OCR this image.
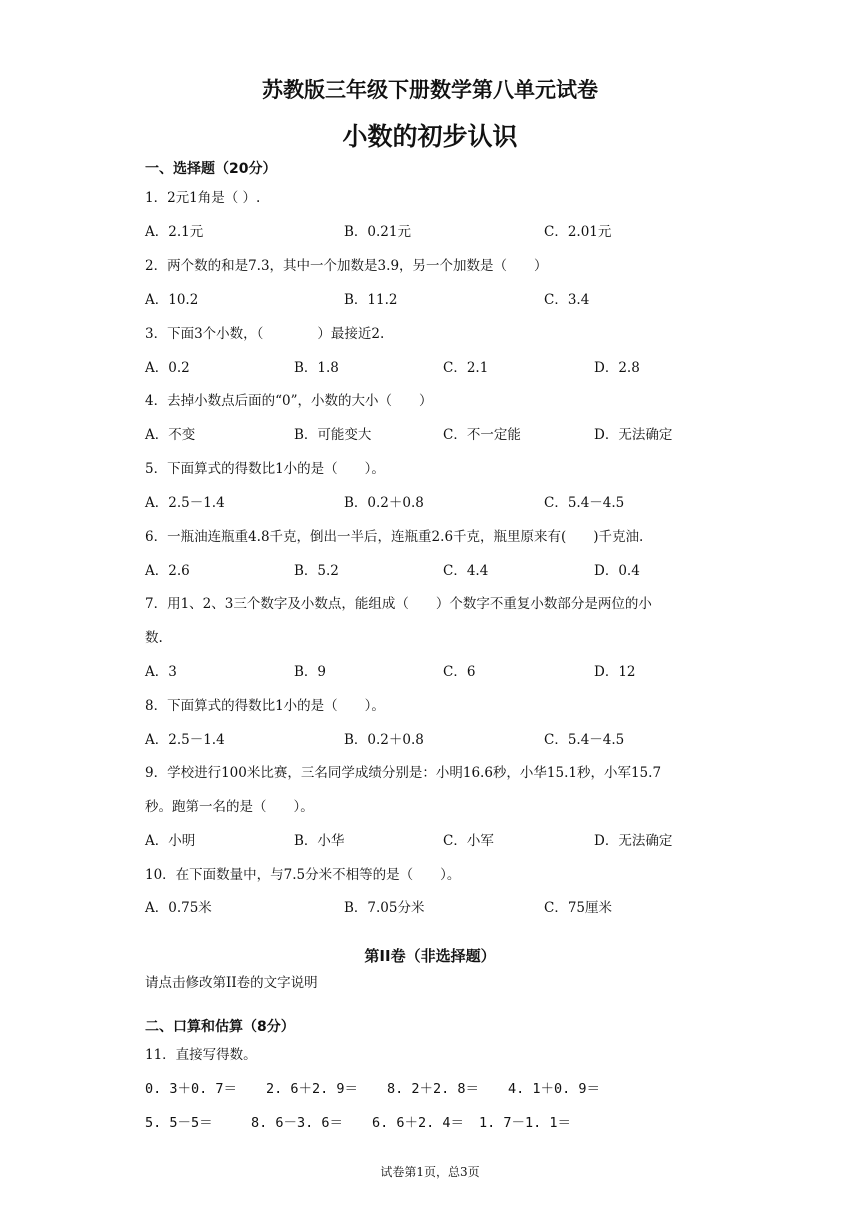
苏教版三年级下册数学第八单元试卷
小数的初步认识
一、选择题（20分）
1．2元1角是（ ）.
A．2.1元	B．0.21元	C．2.01元
2．两个数的和是7.3，其中一个加数是3.9，另一个加数是（　　）
A．10.2	B．11.2	C．3.4
3．下面3个小数，（　　　　）最接近2.
A．0.2	B．1.8	C．2.1	D．2.8
4．去掉小数点后面的“0”，小数的大小（　　）
A．不变	B．可能变大	C．不一定能	D．无法确定
5．下面算式的得数比1小的是（　　）。
A．2.5－1.4	B．0.2＋0.8	C．5.4－4.5
6．一瓶油连瓶重4.8千克，倒出一半后，连瓶重2.6千克，瓶里原来有(　　)千克油.
A．2.6	B．5.2	C．4.4	D．0.4
7．用1、2、3三个数字及小数点，能组成（　　）个数字不重复小数部分是两位的小
数.
A．3	B．9	C．6	D．12
8．下面算式的得数比1小的是（　　）。
A．2.5－1.4	B．0.2＋0.8	C．5.4－4.5
9．学校进行100米比赛，三名同学成绩分别是：小明16.6秒，小华15.1秒，小军15.7
秒。跑第一名的是（　　）。
A．小明	B．小华	C．小军	D．无法确定
10．在下面数量中，与7.5分米不相等的是（　　）。
A．0.75米	B．7.05分米	C．75厘米
第II卷（非选择题）
请点击修改第II卷的文字说明
二、口算和估算（8分）
11．直接写得数。
0. 3＋0. 7＝ 2. 6＋2. 9＝ 8. 2＋2. 8＝ 4. 1＋0. 9＝
5. 5－5＝	8. 6－3. 6＝ 6. 6＋2. 4＝ 1. 7－1. 1＝
试卷第1页，总3页
